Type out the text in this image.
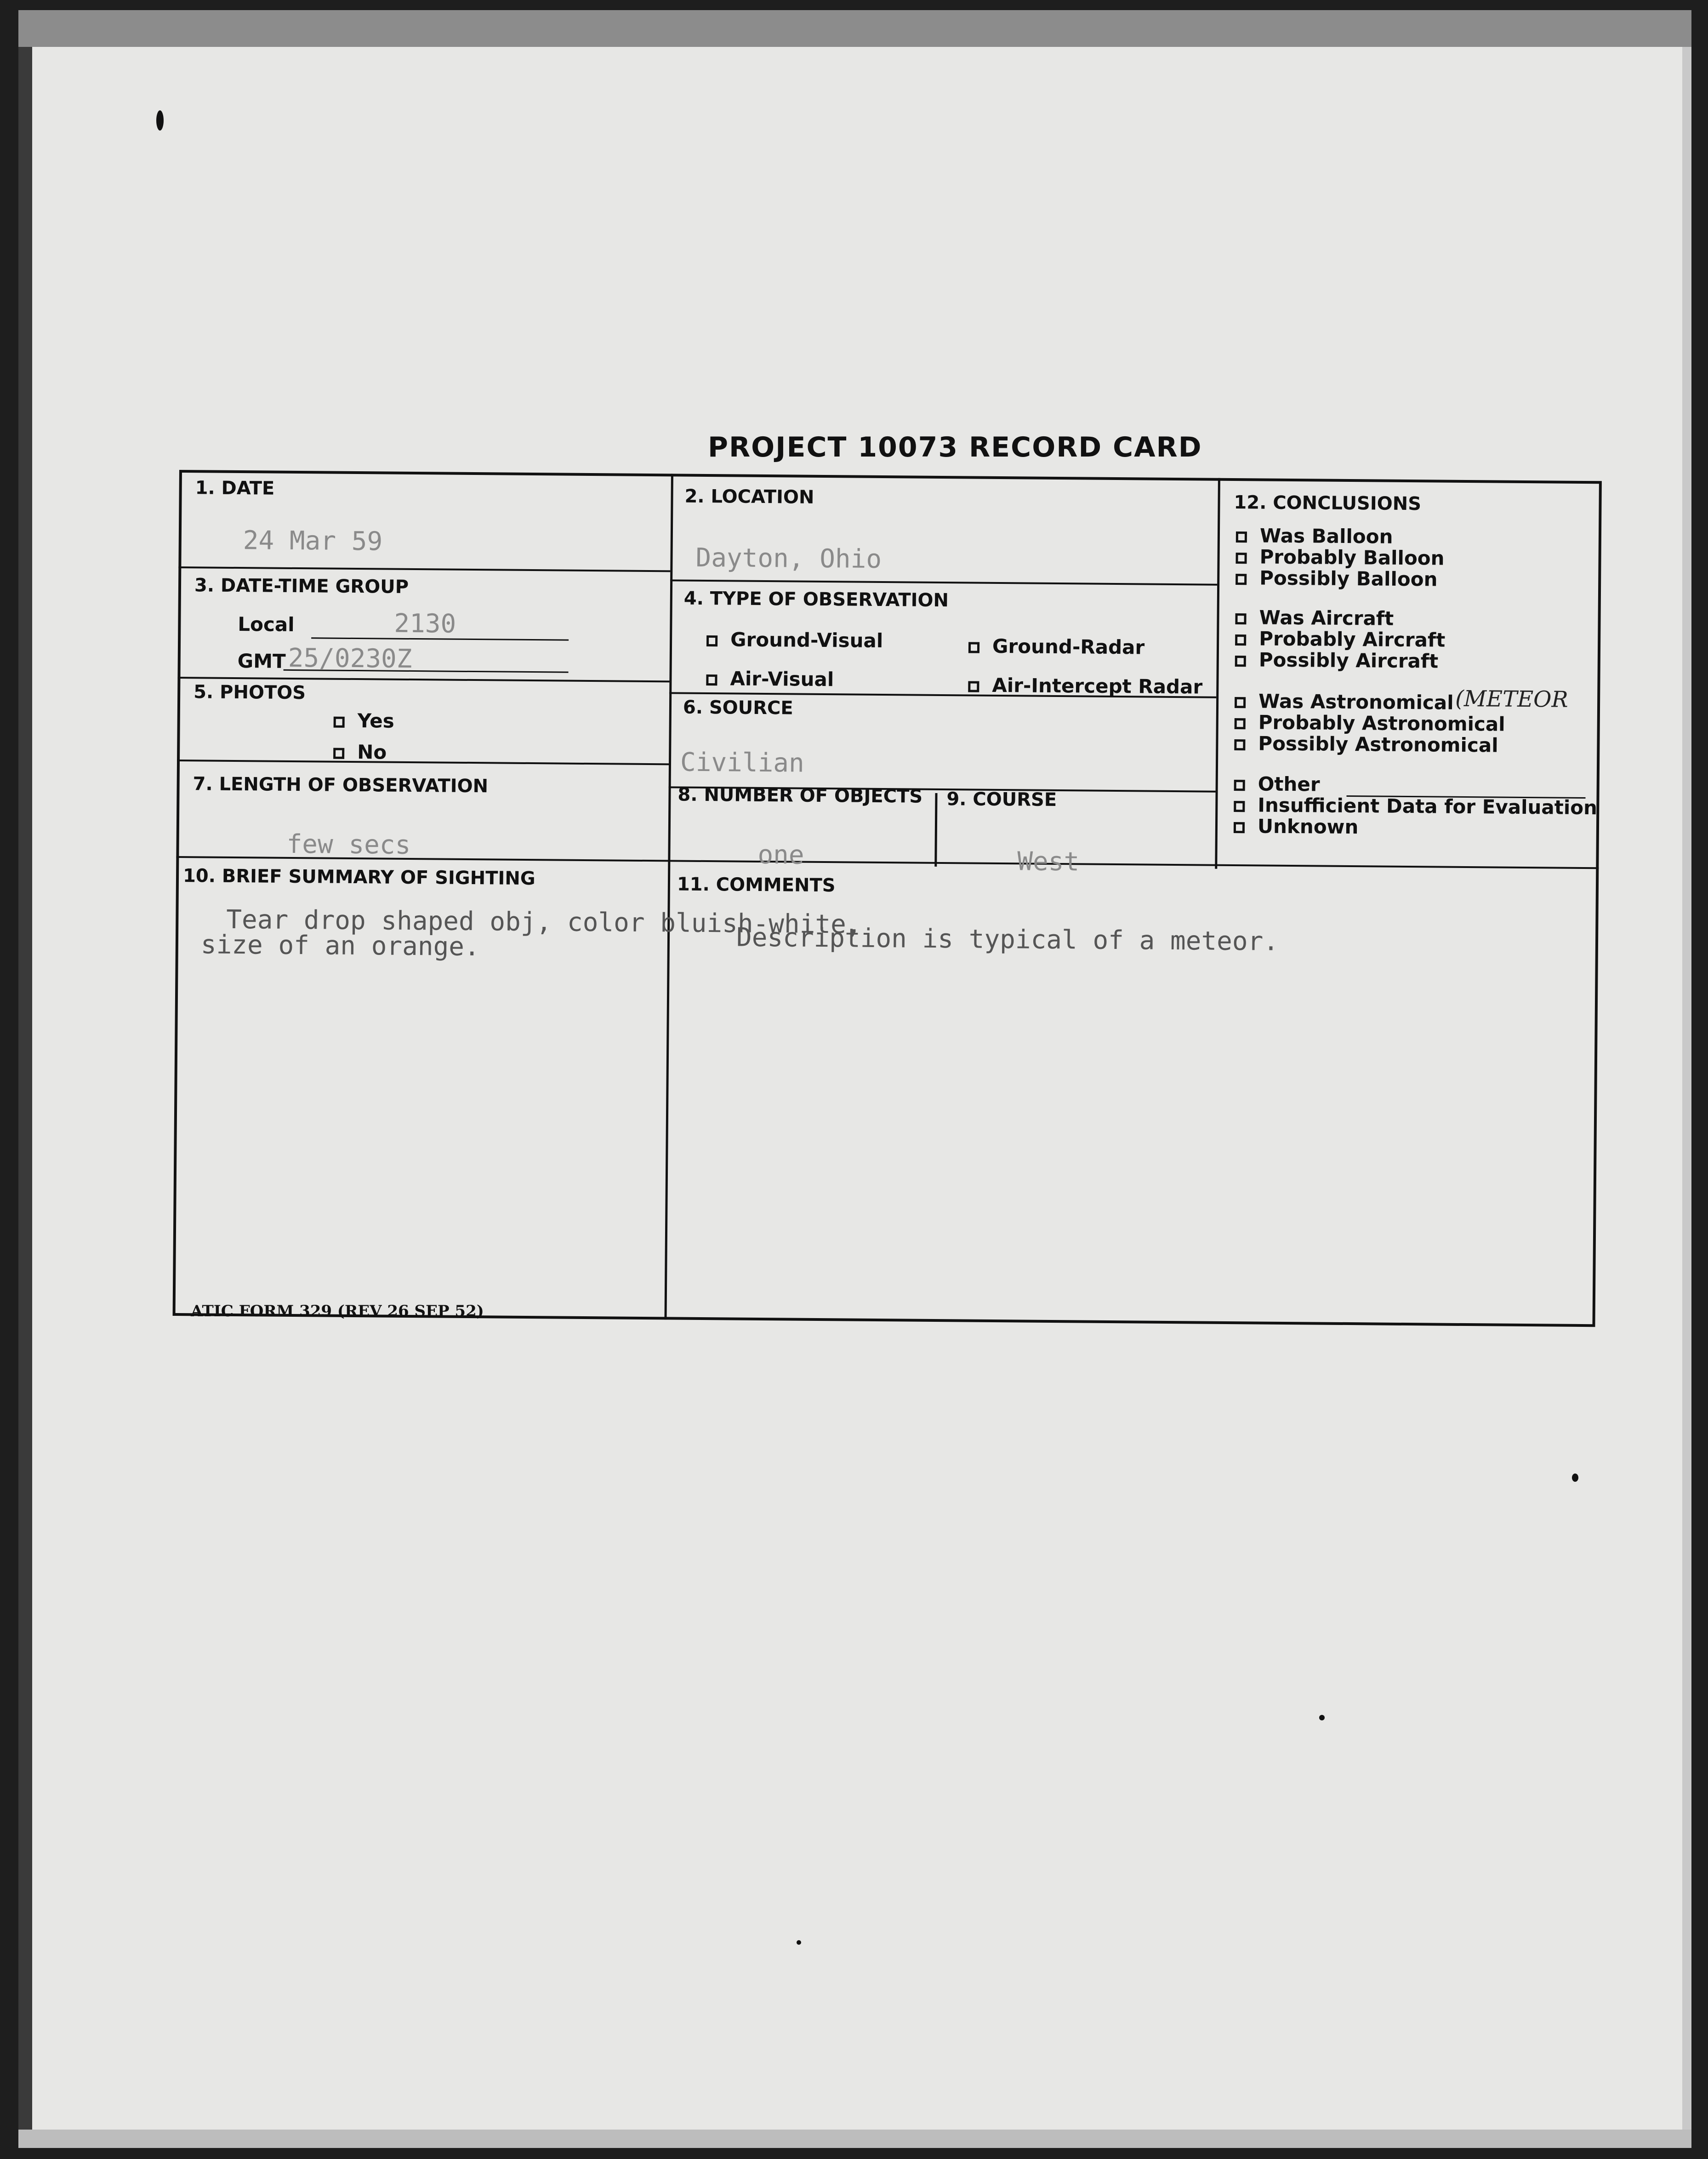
PROJECT 10073 RECORD CARD
1. DATE
24 Mar 59
2. LOCATION
Dayton, Ohio
3. DATE-TIME GROUP
Local	2130
GMT 25/0230Z
4. TYPE OF OBSERVATION
Ground-Visual	Ground-Radar
Air-Visual	Air-Intercept Radar
5. PHOTOS
Yes
No
6. SOURCE
Civilian
7. LENGTH OF OBSERVATION
few secs
8. NUMBER OF OBJECTS
one
9. COURSE
West
10. BRIEF SUMMARY OF SIGHTING
Tear drop shaped obj, color bluish-white,
size of an orange.
11. COMMENTS
Description is typical of a meteor.
12. CONCLUSIONS
Was Balloon
Probably Balloon
Possibly Balloon
Was Aircraft
Probably Aircraft
Possibly Aircraft
Was Astronomical (METEOR
Probably Astronomical
Possibly Astronomical
Other
Insufficient Data for Evaluation
Unknown
ATIC FORM 329 (REV 26 SEP 52)
